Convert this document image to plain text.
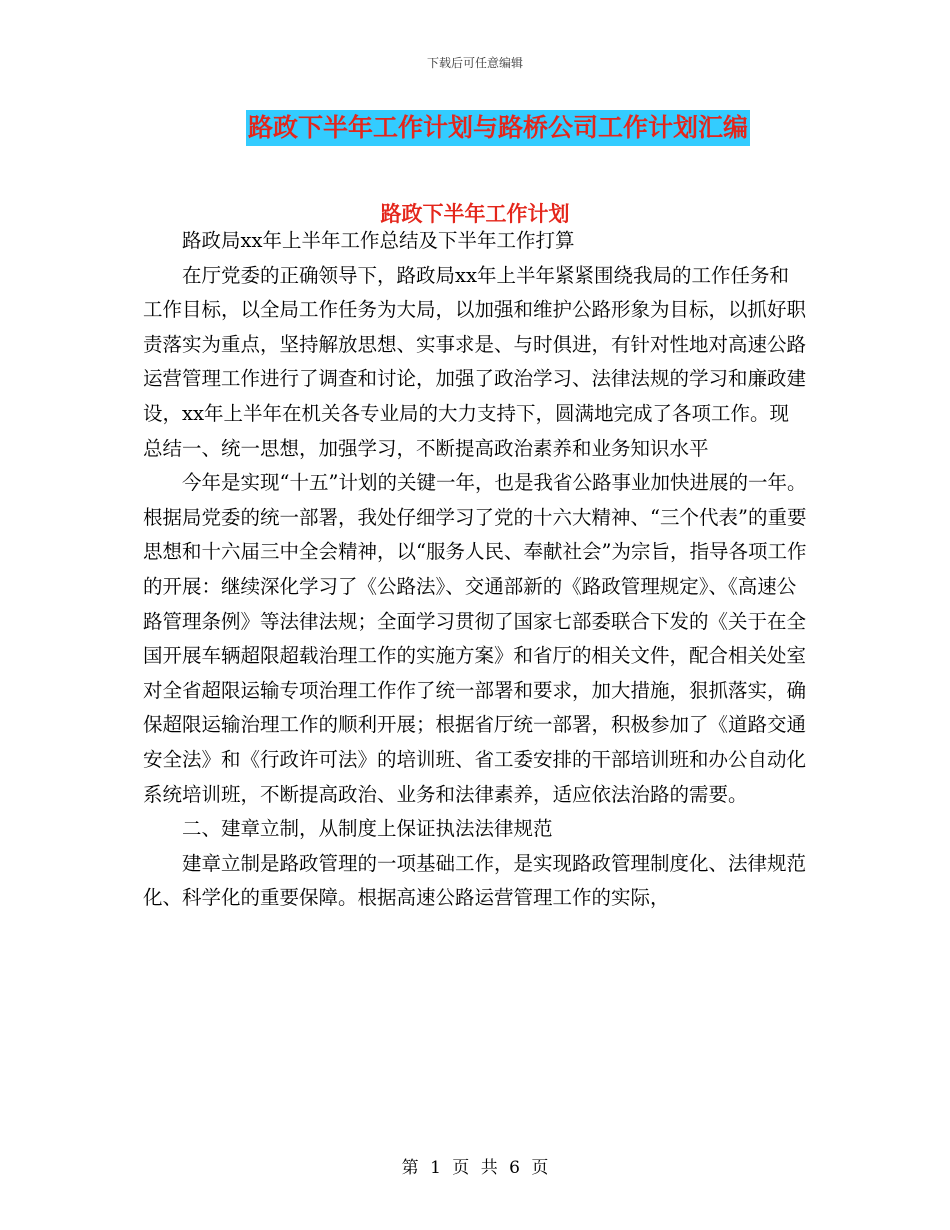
下载后可任意编辑
路政下半年工作计划与路桥公司工作计划汇编
路政下半年工作计划

路政局xx年上半年工作总结及下半年工作打算

在厅党委的正确领导下，路政局xx年上半年紧紧围绕我局的工作任务和工作目标，以全局工作任务为大局，以加强和维护公路形象为目标，以抓好职责落实为重点，坚持解放思想、实事求是、与时俱进，有针对性地对高速公路运营管理工作进行了调查和讨论，加强了政治学习、法律法规的学习和廉政建设，xx年上半年在机关各专业局的大力支持下，圆满地完成了各项工作。现总结一、统一思想，加强学习，不断提高政治素养和业务知识水平

今年是实现“十五”计划的关键一年，也是我省公路事业加快进展的一年。根据局党委的统一部署，我处仔细学习了党的十六大精神、“三个代表”的重要思想和十六届三中全会精神，以“服务人民、奉献社会”为宗旨，指导各项工作的开展：继续深化学习了《公路法》、交通部新的《路政管理规定》、《高速公路管理条例》等法律法规；全面学习贯彻了国家七部委联合下发的《关于在全国开展车辆超限超载治理工作的实施方案》和省厅的相关文件，配合相关处室对全省超限运输专项治理工作作了统一部署和要求，加大措施，狠抓落实，确保超限运输治理工作的顺利开展；根据省厅统一部署，积极参加了《道路交通安全法》和《行政许可法》的培训班、省工委安排的干部培训班和办公自动化系统培训班，不断提高政治、业务和法律素养，适应依法治路的需要。

二、建章立制，从制度上保证执法法律规范

建章立制是路政管理的一项基础工作，是实现路政管理制度化、法律规范化、科学化的重要保障。根据高速公路运营管理工作的实际，

第 1 页 共 6 页
